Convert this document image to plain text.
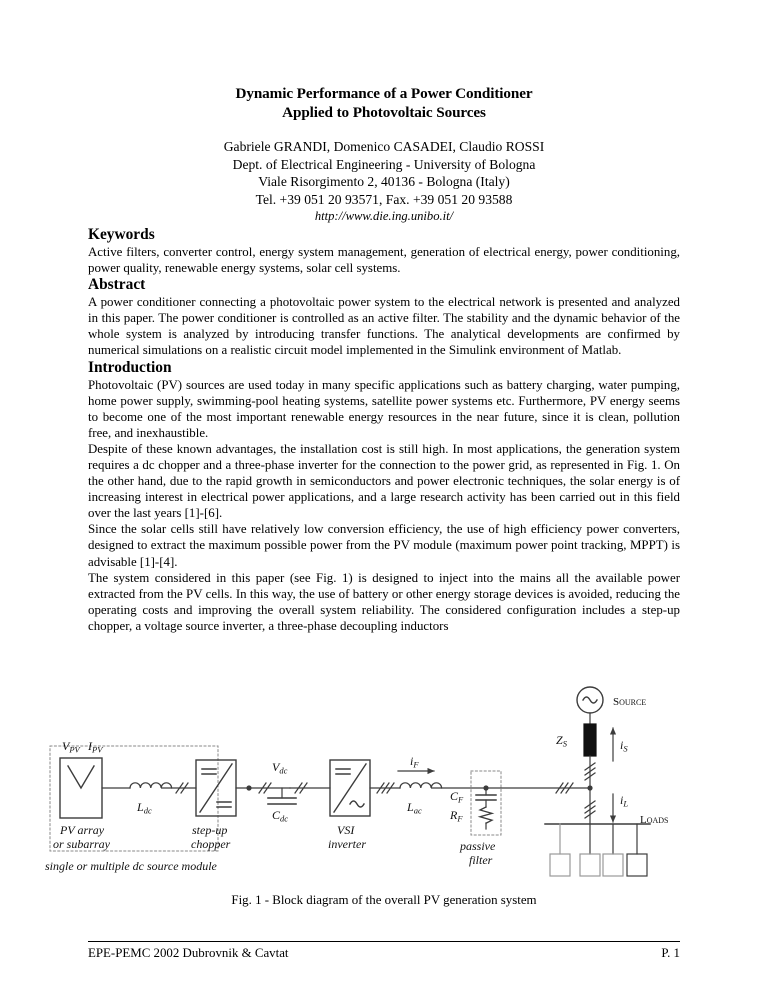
Dynamic Performance of a Power Conditioner
Applied to Photovoltaic Sources
Gabriele GRANDI, Domenico CASADEI, Claudio ROSSI
Dept. of Electrical Engineering - University of Bologna
Viale Risorgimento 2, 40136 - Bologna (Italy)
Tel. +39 051 20 93571, Fax. +39 051 20 93588
http://www.die.ing.unibo.it/
Keywords

Active filters, converter control, energy system management, generation of electrical energy, power conditioning, power quality, renewable energy systems, solar cell systems.

Abstract

A power conditioner connecting a photovoltaic power system to the electrical network is presented and analyzed in this paper. The power conditioner is controlled as an active filter. The stability and the dynamic behavior of the whole system is analyzed by introducing transfer functions. The analytical developments are confirmed by numerical simulations on a realistic circuit model implemented in the Simulink environment of Matlab.

Introduction

Photovoltaic (PV) sources are used today in many specific applications such as battery charging, water pumping, home power supply, swimming-pool heating systems, satellite power systems etc. Furthermore, PV energy seems to become one of the most important renewable energy resources in the near future, since it is clean, pollution free, and inexhaustible.

Despite of these known advantages, the installation cost is still high. In most applications, the generation system requires a dc chopper and a three-phase inverter for the connection to the power grid, as represented in Fig. 1. On the other hand, due to the rapid growth in semiconductors and power electronic techniques, the solar energy is of increasing interest in electrical power applications, and a large research activity has been carried out in this field over the last years [1]-[6].

Since the solar cells still have relatively low conversion efficiency, the use of high efficiency power converters, designed to extract the maximum possible power from the PV module (maximum power point tracking, MPPT) is advisable [1]-[4].

The system considered in this paper (see Fig. 1) is designed to inject into the mains all the available power extracted from the PV cells. In this way, the use of battery or other energy storage devices is avoided, reducing the operating costs and improving the overall system reliability. The considered configuration includes a step-up chopper, a voltage source inverter, a three-phase decoupling inductors

$V_{PV}$ $I_{PV}$
PV array
or subarray
$L_{dc}$
step-up
chopper
single or multiple dc source module
$V_{dc}$
$C_{dc}$
VSI
inverter
$i_F$
$L_{ac}$
$C_F$
$R_F$
passive
filter
$Z_S$	$i_S$
$i_L$
Source
Loads
Fig. 1 - Block diagram of the overall PV generation system
EPE-PEMC 2002 Dubrovnik & Cavtat	P. 1
